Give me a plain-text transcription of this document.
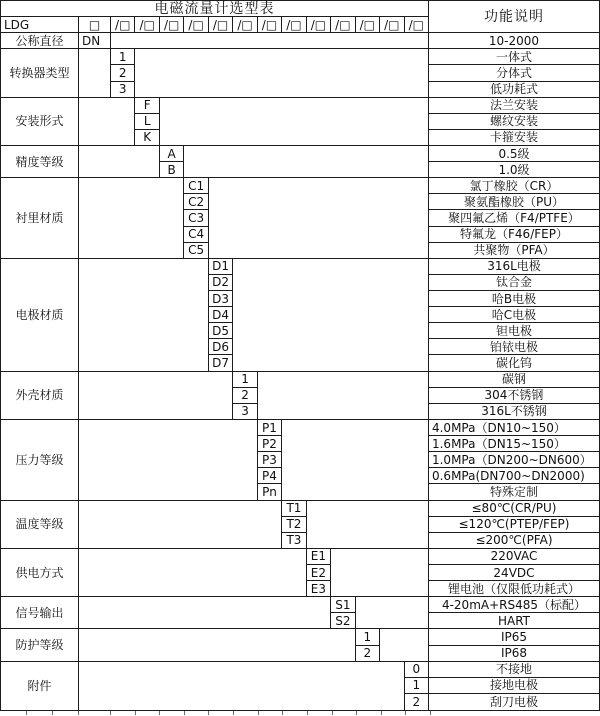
电磁流量计选型表
功能说明
LDG	□	/□ /□ /□ /□ /□ /□ /□ /□ /□ /□ /□ /□ /□
公称直径	DN	10-2000
转换器类型
1	一体式
2	分体式
3	低功耗式
安装形式
F	法兰安装
L	螺纹安装
K	卡箍安装
精度等级
A	0.5级
B	1.0级
衬里材质
C1	氯丁橡胶（CR）
C2	聚氨酯橡胶（PU）
C3	聚四氟乙烯（F4/PTFE）
C4	特氟龙（F46/FEP）
C5	共聚物（PFA）
电极材质
D1	316L电极
D2	钛合金
D3	哈B电极
D4	哈C电极
D5	钽电极
D6	铂铱电极
D7	碳化钨
外壳材质
1	碳钢
2	304不锈钢
3	316L不锈钢
压力等级
P1	4.0MPa（DN10~150）
P2	1.6MPa（DN15~150）
P3	1.0MPa（DN200~DN600）
P4	0.6MPa(DN700~DN2000)
Pn	特殊定制
温度等级
T1	≤80℃(CR/PU)
T2	≤120℃(PTEP/FEP)
T3	≤200℃(PFA)
供电方式
E1	220VAC
E2	24VDC
E3	锂电池（仅限低功耗式）
信号输出
S1	4-20mA+RS485（标配）
S2	HART
防护等级
1	IP65
2	IP68
附件
0	不接地
1	接地电极
2	刮刀电极
